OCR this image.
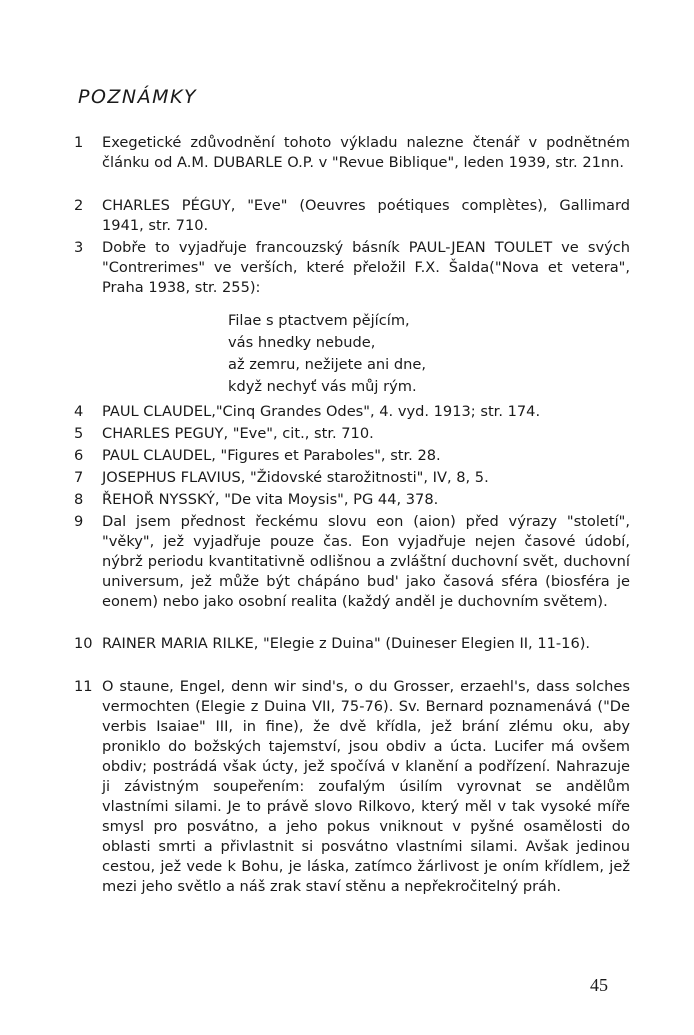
POZNÁMKY
1	Exegetické zdůvodnění tohoto výkladu nalezne čtenář v podnětném článku od A.M. DUBARLE O.P. v "Revue Biblique", leden 1939, str. 21nn.
2	CHARLES PÉGUY, "Eve" (Oeuvres poétiques complètes), Gallimard 1941, str. 710.
3	Dobře to vyjadřuje francouzský básník PAUL-JEAN TOULET ve svých "Contrerimes" ve verších, které přeložil F.X. Šalda("Nova et vetera", Praha 1938, str. 255):
Filae s ptactvem pějícím,
vás hnedky nebude,
až zemru, nežijete ani dne,
když nechyť vás můj rým.
4	PAUL CLAUDEL,"Cinq Grandes Odes", 4. vyd. 1913; str. 174.
5	CHARLES PEGUY, "Eve", cit., str. 710.
6	PAUL CLAUDEL, "Figures et Paraboles", str. 28.
7	JOSEPHUS FLAVIUS, "Židovské starožitnosti", IV, 8, 5.
8	ŘEHOŘ NYSSKÝ, "De vita Moysis", PG 44, 378.
9	Dal jsem přednost řeckému slovu eon (aion) před výrazy "století", "věky", jež vyjadřuje pouze čas. Eon vyjadřuje nejen časové údobí, nýbrž periodu kvantitativně odlišnou a zvláštní duchovní svět, duchovní universum, jež může být chápáno bud' jako časová sféra (biosféra je eonem) nebo jako osobní realita (každý anděl je duchovním světem).
10 RAINER MARIA RILKE, "Elegie z Duina" (Duineser Elegien II, 11-16).
11 O staune, Engel, denn wir sind's, o du Grosser, erzaehl's, dass solches vermochten (Elegie z Duina VII, 75-76). Sv. Bernard poznamenává ("De verbis Isaiae" III, in fine), že dvě křídla, jež brání zlému oku, aby proniklo do božských tajemství, jsou obdiv a úcta. Lucifer má ovšem obdiv; postrádá však úcty, jež spočívá v klanění a podřízení. Nahrazuje ji závistným soupeřením: zoufalým úsilím vyrovnat se andělům vlastními silami. Je to právě slovo Rilkovo, který měl v tak vysoké míře smysl pro posvátno, a jeho pokus vniknout v pyšné osamělosti do oblasti smrti a přivlastnit si posvátno vlastními silami. Avšak jedinou cestou, jež vede k Bohu, je láska, zatímco žárlivost je oním křídlem, jež mezi jeho světlo a náš zrak staví stěnu a nepřekročitelný práh.
45
